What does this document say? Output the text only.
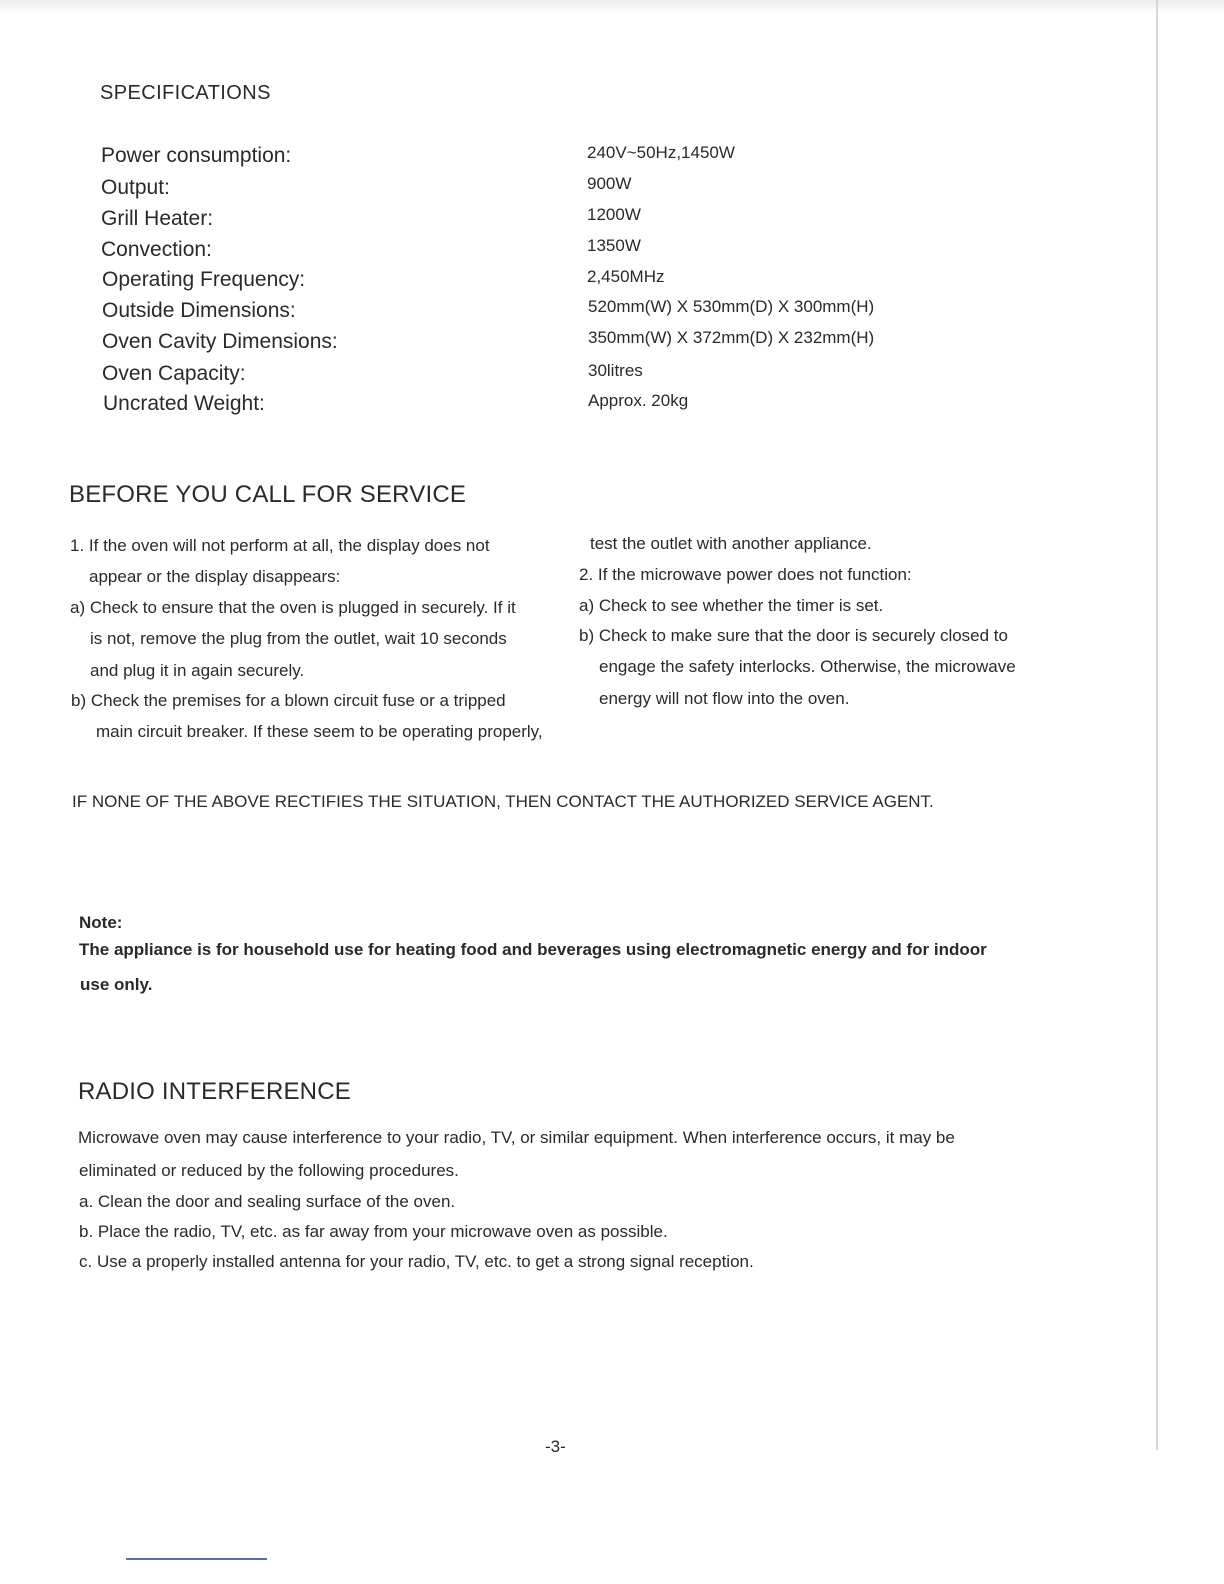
SPECIFICATIONS
Power consumption:	240V~50Hz,1450W
Output:	900W
Grill Heater:	1200W
Convection:	1350W
Operating Frequency:	2,450MHz
Outside Dimensions:	520mm(W) X 530mm(D) X 300mm(H)
Oven Cavity Dimensions:	350mm(W) X 372mm(D) X 232mm(H)
Oven Capacity:	30litres
Uncrated Weight:	Approx. 20kg
BEFORE YOU CALL FOR SERVICE
1. If the oven will not perform at all, the display does not
appear or the display disappears:
a) Check to ensure that the oven is plugged in securely. If it
is not, remove the plug from the outlet, wait 10 seconds
and plug it in again securely.
b) Check the premises for a blown circuit fuse or a tripped
main circuit breaker. If these seem to be operating properly,
test the outlet with another appliance.
2. If the microwave power does not function:
a) Check to see whether the timer is set.
b) Check to make sure that the door is securely closed to
engage the safety interlocks. Otherwise, the microwave
energy will not flow into the oven.
IF NONE OF THE ABOVE RECTIFIES THE SITUATION, THEN CONTACT THE AUTHORIZED SERVICE AGENT.
Note:
The appliance is for household use for heating food and beverages using electromagnetic energy and for indoor
use only.
RADIO INTERFERENCE
Microwave oven may cause interference to your radio, TV, or similar equipment. When interference occurs, it may be
eliminated or reduced by the following procedures.
a. Clean the door and sealing surface of the oven.
b. Place the radio, TV, etc. as far away from your microwave oven as possible.
c. Use a properly installed antenna for your radio, TV, etc. to get a strong signal reception.
-3-
